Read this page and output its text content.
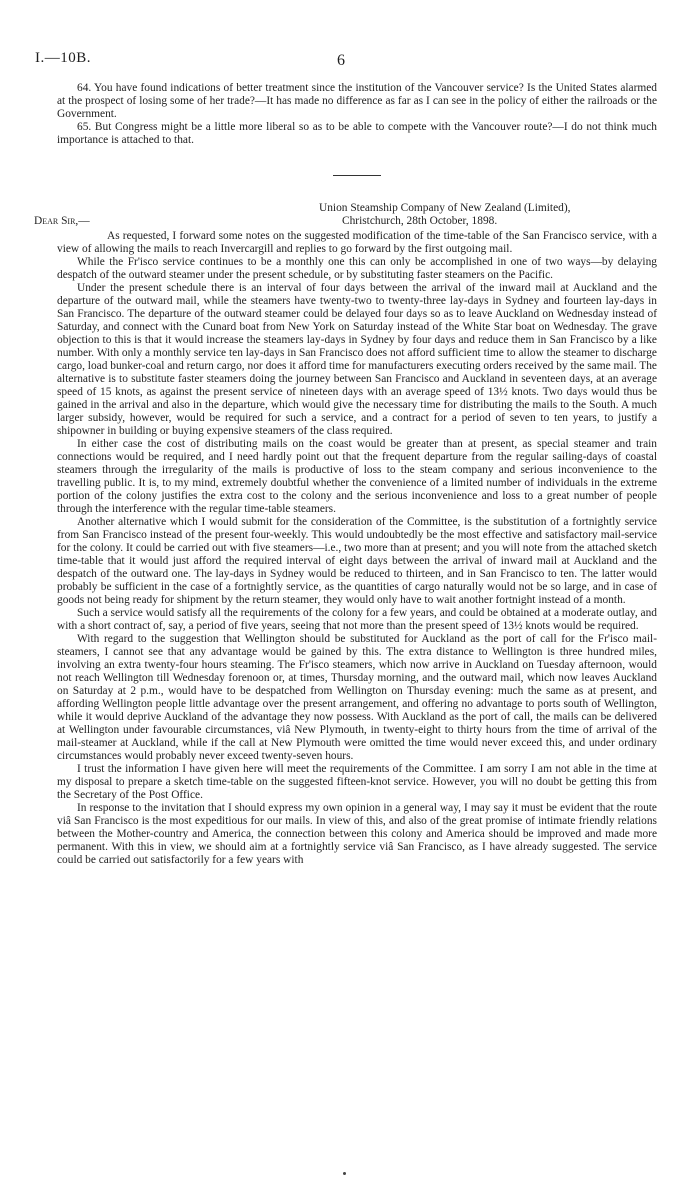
I.—10B.	6

64. You have found indications of better treatment since the institution of the Vancouver service? Is the United States alarmed at the prospect of losing some of her trade?—It has made no difference as far as I can see in the policy of either the railroads or the Government.

65. But Congress might be a little more liberal so as to be able to compete with the Vancouver route?—I do not think much importance is attached to that.

Union Steamship Company of New Zealand (Limited),
Christchurch, 28th October, 1898.
Dear Sir,—

As requested, I forward some notes on the suggested modification of the time-table of the San Francisco service, with a view of allowing the mails to reach Invercargill and replies to go forward by the first outgoing mail.

While the Fr'isco service continues to be a monthly one this can only be accomplished in one of two ways—by delaying despatch of the outward steamer under the present schedule, or by substituting faster steamers on the Pacific.

Under the present schedule there is an interval of four days between the arrival of the inward mail at Auckland and the departure of the outward mail, while the steamers have twenty-two to twenty-three lay-days in Sydney and fourteen lay-days in San Francisco. The departure of the outward steamer could be delayed four days so as to leave Auckland on Wednesday instead of Saturday, and connect with the Cunard boat from New York on Saturday instead of the White Star boat on Wednesday. The grave objection to this is that it would increase the steamers lay-days in Sydney by four days and reduce them in San Francisco by a like number. With only a monthly service ten lay-days in San Francisco does not afford sufficient time to allow the steamer to discharge cargo, load bunker-coal and return cargo, nor does it afford time for manufacturers executing orders received by the same mail. The alternative is to substitute faster steamers doing the journey between San Francisco and Auckland in seventeen days, at an average speed of 15 knots, as against the present service of nineteen days with an average speed of 13½ knots. Two days would thus be gained in the arrival and also in the departure, which would give the necessary time for distributing the mails to the South. A much larger subsidy, however, would be required for such a service, and a contract for a period of seven to ten years, to justify a shipowner in building or buying expensive steamers of the class required.

In either case the cost of distributing mails on the coast would be greater than at present, as special steamer and train connections would be required, and I need hardly point out that the frequent departure from the regular sailing-days of coastal steamers through the irregularity of the mails is productive of loss to the steam company and serious inconvenience to the travelling public. It is, to my mind, extremely doubtful whether the convenience of a limited number of individuals in the extreme portion of the colony justifies the extra cost to the colony and the serious inconvenience and loss to a great number of people through the interference with the regular time-table steamers.

Another alternative which I would submit for the consideration of the Committee, is the substitution of a fortnightly service from San Francisco instead of the present four-weekly. This would undoubtedly be the most effective and satisfactory mail-service for the colony. It could be carried out with five steamers—i.e., two more than at present; and you will note from the attached sketch time-table that it would just afford the required interval of eight days between the arrival of inward mail at Auckland and the despatch of the outward one. The lay-days in Sydney would be reduced to thirteen, and in San Francisco to ten. The latter would probably be sufficient in the case of a fortnightly service, as the quantities of cargo naturally would not be so large, and in case of goods not being ready for shipment by the return steamer, they would only have to wait another fortnight instead of a month.

Such a service would satisfy all the requirements of the colony for a few years, and could be obtained at a moderate outlay, and with a short contract of, say, a period of five years, seeing that not more than the present speed of 13½ knots would be required.

With regard to the suggestion that Wellington should be substituted for Auckland as the port of call for the Fr'isco mail-steamers, I cannot see that any advantage would be gained by this. The extra distance to Wellington is three hundred miles, involving an extra twenty-four hours steaming. The Fr'isco steamers, which now arrive in Auckland on Tuesday afternoon, would not reach Wellington till Wednesday forenoon or, at times, Thursday morning, and the outward mail, which now leaves Auckland on Saturday at 2 p.m., would have to be despatched from Wellington on Thursday evening: much the same as at present, and affording Wellington people little advantage over the present arrangement, and offering no advantage to ports south of Wellington, while it would deprive Auckland of the advantage they now possess. With Auckland as the port of call, the mails can be delivered at Wellington under favourable circumstances, viâ New Plymouth, in twenty-eight to thirty hours from the time of arrival of the mail-steamer at Auckland, while if the call at New Plymouth were omitted the time would never exceed this, and under ordinary circumstances would probably never exceed twenty-seven hours.

I trust the information I have given here will meet the requirements of the Committee. I am sorry I am not able in the time at my disposal to prepare a sketch time-table on the suggested fifteen-knot service. However, you will no doubt be getting this from the Secretary of the Post Office.

In response to the invitation that I should express my own opinion in a general way, I may say it must be evident that the route viâ San Francisco is the most expeditious for our mails. In view of this, and also of the great promise of intimate friendly relations between the Mother-country and America, the connection between this colony and America should be improved and made more permanent. With this in view, we should aim at a fortnightly service viâ San Francisco, as I have already suggested. The service could be carried out satisfactorily for a few years with
